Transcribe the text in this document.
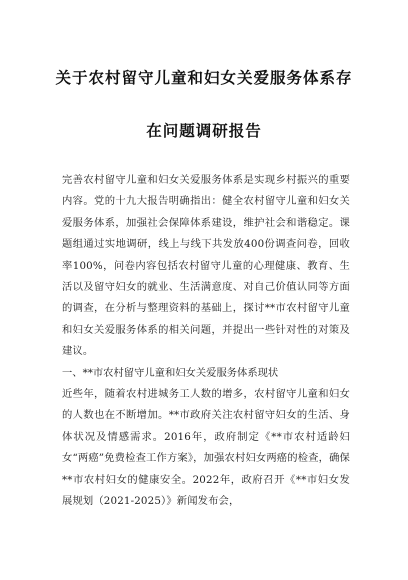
关于农村留守儿童和妇女关爱服务体系存
在问题调研报告

完善农村留守儿童和妇女关爱服务体系是实现乡村振兴的重要内容。党的十九大报告明确指出：健全农村留守儿童和妇女关爱服务体系，加强社会保障体系建设，维护社会和谐稳定。课题组通过实地调研，线上与线下共发放400份调查问卷，回收率100%，问卷内容包括农村留守儿童的心理健康、教育、生活以及留守妇女的就业、生活满意度、对自己价值认同等方面的调查，在分析与整理资料的基础上，探讨**市农村留守儿童和妇女关爱服务体系的相关问题，并提出一些针对性的对策及建议。

一、**市农村留守儿童和妇女关爱服务体系现状

近些年，随着农村进城务工人数的增多，农村留守儿童和妇女的人数也在不断增加。**市政府关注农村留守妇女的生活、身体状况及情感需求。2016年，政府制定《**市农村适龄妇女“两癌”免费检查工作方案》，加强农村妇女两癌的检查，确保**市农村妇女的健康安全。2022年，政府召开《**市妇女发展规划（2021-2025）》新闻发布会，
